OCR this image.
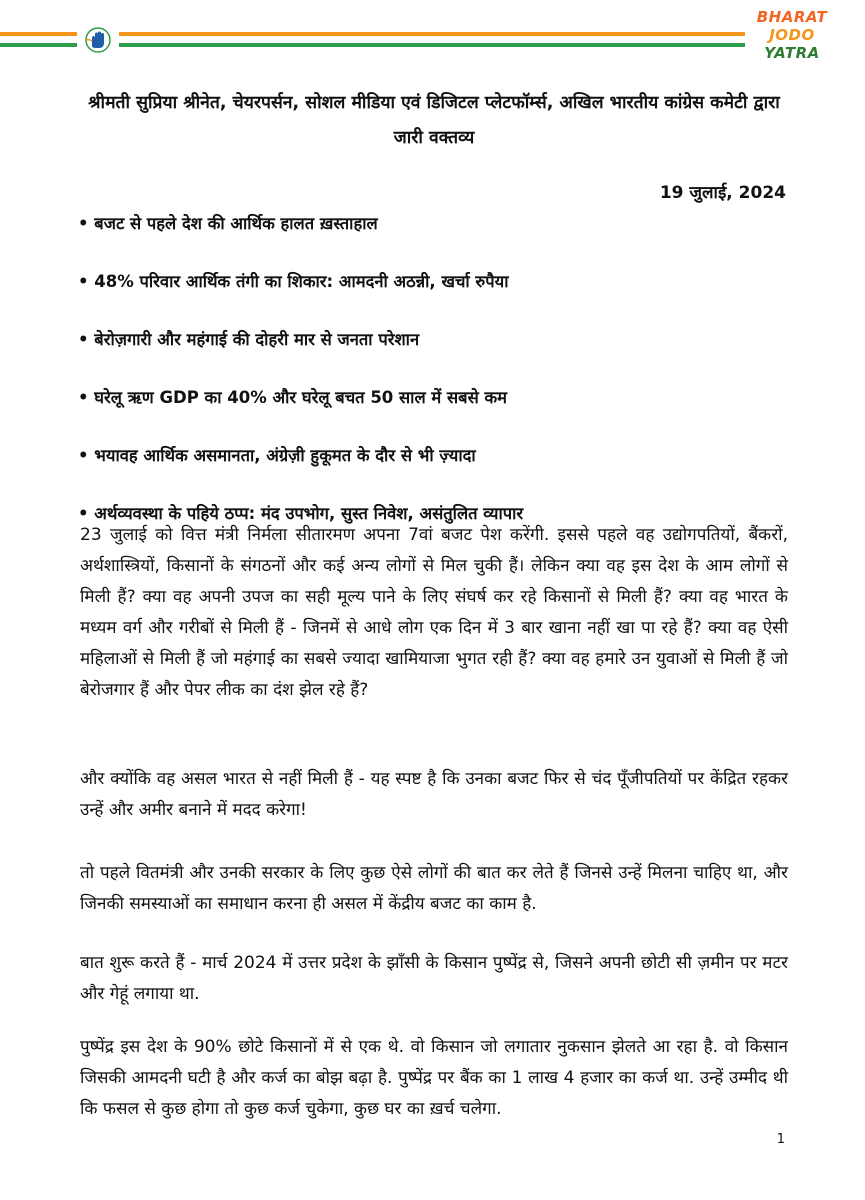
BHARAT
JODO
YATRA
श्रीमती सुप्रिया श्रीनेत, चेयरपर्सन, सोशल मीडिया एवं डिजिटल प्लेटफॉर्म्स, अखिल भारतीय कांग्रेस कमेटी द्वारा जारी वक्तव्य

19 जुलाई, 2024

• बजट से पहले देश की आर्थिक हालत ख़स्ताहाल
• 48% परिवार आर्थिक तंगी का शिकार: आमदनी अठन्नी, खर्चा रुपैया
• बेरोज़गारी और महंगाई की दोहरी मार से जनता परेशान
• घरेलू ऋण GDP का 40% और घरेलू बचत 50 साल में सबसे कम
• भयावह आर्थिक असमानता, अंग्रेज़ी हुकूमत के दौर से भी ज़्यादा
• अर्थव्यवस्था के पहिये ठप्प: मंद उपभोग, सुस्त निवेश, असंतुलित व्यापार

23 जुलाई को वित्त मंत्री निर्मला सीतारमण अपना 7वां बजट पेश करेंगी. इससे पहले वह उद्योगपतियों, बैंकरों, अर्थशास्त्रियों, किसानों के संगठनों और कई अन्य लोगों से मिल चुकी हैं। लेकिन क्या वह इस देश के आम लोगों से मिली हैं? क्या वह अपनी उपज का सही मूल्य पाने के लिए संघर्ष कर रहे किसानों से मिली हैं? क्या वह भारत के मध्यम वर्ग और गरीबों से मिली हैं - जिनमें से आधे लोग एक दिन में 3 बार खाना नहीं खा पा रहे हैं? क्या वह ऐसी महिलाओं से मिली हैं जो महंगाई का सबसे ज्यादा खामियाजा भुगत रही हैं? क्या वह हमारे उन युवाओं से मिली हैं जो बेरोजगार हैं और पेपर लीक का दंश झेल रहे हैं?

और क्योंकि वह असल भारत से नहीं मिली हैं - यह स्पष्ट है कि उनका बजट फिर से चंद पूँजीपतियों पर केंद्रित रहकर उन्हें और अमीर बनाने में मदद करेगा!

तो पहले वितमंत्री और उनकी सरकार के लिए कुछ ऐसे लोगों की बात कर लेते हैं जिनसे उन्हें मिलना चाहिए था, और जिनकी समस्याओं का समाधान करना ही असल में केंद्रीय बजट का काम है.

बात शुरू करते हैं - मार्च 2024 में उत्तर प्रदेश के झाँसी के किसान पुष्पेंद्र से, जिसने अपनी छोटी सी ज़मीन पर मटर और गेहूं लगाया था.

पुष्पेंद्र इस देश के 90% छोटे किसानों में से एक थे. वो किसान जो लगातार नुकसान झेलते आ रहा है. वो किसान जिसकी आमदनी घटी है और कर्ज का बोझ बढ़ा है. पुष्पेंद्र पर बैंक का 1 लाख 4 हजार का कर्ज था. उन्हें उम्मीद थी कि फसल से कुछ होगा तो कुछ कर्ज चुकेगा, कुछ घर का ख़र्च चलेगा.

1
